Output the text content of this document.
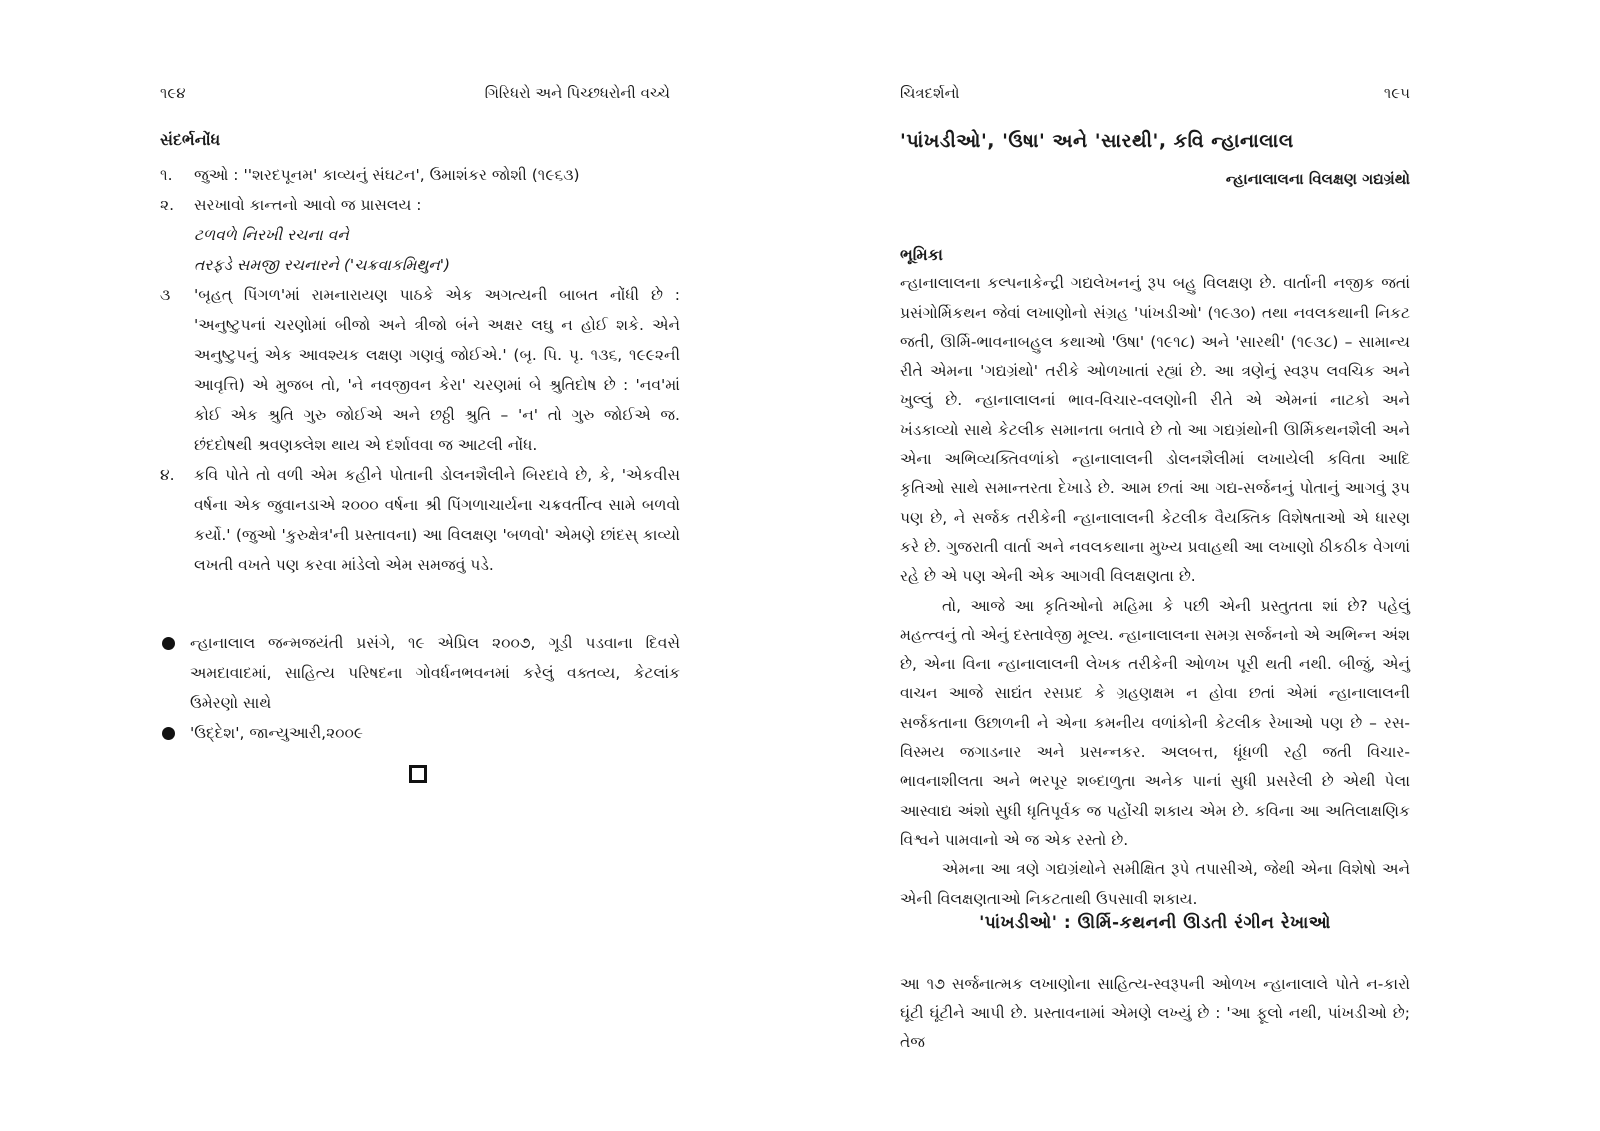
૧૯૪	ગિરિધરો અને પિચ્છધરોની વચ્ચે
સંદર્ભનોંધ
૧.	જુઓ : ''શરદપૂનમ' કાવ્યનું સંઘટન', ઉમાશંકર જોશી (૧૯૬૩)
૨.	સરખાવો કાન્તનો આવો જ પ્રાસલય :
ટળવળે નિરખી રચના વને
તરફડે સમજી રચનારને ('ચક્રવાકમિથુન')
૩	'બૃહત્ પિંગળ'માં રામનારાયણ પાઠકે એક અગત્યની બાબત નોંધી છે : 'અનુષ્ટુપનાં ચરણોમાં બીજો અને ત્રીજો બંને અક્ષર લઘુ ન હોઈ શકે. એને અનુષ્ટુપનું એક આવશ્યક લક્ષણ ગણવું જોઈએ.' (બૃ. પિ. પૃ. ૧૩૬, ૧૯૯૨ની આવૃત્તિ) એ મુજબ તો, 'ને નવજીવન કેરા' ચરણમાં બે શ્રુતિદોષ છે : 'નવ'માં કોઈ એક શ્રુતિ ગુરુ જોઈએ અને છઠ્ઠી શ્રુતિ – 'ન' તો ગુરુ જોઈએ જ. છંદદોષથી શ્રવણક્લેશ થાય એ દર્શાવવા જ આટલી નોંધ.
૪.	કવિ પોતે તો વળી એમ કહીને પોતાની ડોલનશૈલીને બિરદાવે છે, કે, 'એકવીસ વર્ષના એક જુવાનડાએ ૨૦૦૦ વર્ષના શ્રી પિંગળાચાર્યના ચક્રવર્તીત્વ સામે બળવો કર્યો.' (જુઓ 'કુરુક્ષેત્ર'ની પ્રસ્તાવના) આ વિલક્ષણ 'બળવો' એમણે છાંદસ્ કાવ્યો લખતી વખતે પણ કરવા માંડેલો એમ સમજવું પડે.
ન્હાનાલાલ જન્મજયંતી પ્રસંગે, ૧૯ એપ્રિલ ૨૦૦૭, ગૂડી પડવાના દિવસે અમદાવાદમાં, સાહિત્ય પરિષદના ગોવર્ધનભવનમાં કરેલું વક્તવ્ય, કેટલાંક ઉમેરણો સાથે
'ઉદ્દેશ', જાન્યુઆરી,૨૦૦૯
ચિત્રદર્શનો	૧૯૫
'પાંખડીઓ', 'ઉષા' અને 'સારથી', કવિ ન્હાનાલાલ
ન્હાનાલાલના વિલક્ષણ ગદ્યગ્રંથો
ભૂમિકા

ન્હાનાલાલના કલ્પનાકેન્દ્રી ગદ્યલેખનનું રૂપ બહુ વિલક્ષણ છે. વાર્તાની નજીક જતાં પ્રસંગોર્મિકથન જેવાં લખાણોનો સંગ્રહ 'પાંખડીઓ' (૧૯૩૦) તથા નવલકથાની નિકટ જતી, ઊર્મિ-ભાવનાબહુલ કથાઓ 'ઉષા' (૧૯૧૮) અને 'સારથી' (૧૯૩૮) – સામાન્ય રીતે એમના 'ગદ્યગ્રંથો' તરીકે ઓળખાતાં રહ્યાં છે. આ ત્રણેનું સ્વરૂપ લવચિક અને ખુલ્લું છે. ન્હાનાલાલનાં ભાવ-વિચાર-વલણોની રીતે એ એમનાં નાટકો અને ખંડકાવ્યો સાથે કેટલીક સમાનતા બતાવે છે તો આ ગદ્યગ્રંથોની ઊર્મિકથનશૈલી અને એના અભિવ્યક્તિવળાંકો ન્હાનાલાલની ડોલનશૈલીમાં લખાયેલી કવિતા આદિ કૃતિઓ સાથે સમાન્તરતા દેખાડે છે. આમ છતાં આ ગદ્ય-સર્જનનું પોતાનું આગવું રૂપ પણ છે, ને સર્જક તરીકેની ન્હાનાલાલની કેટલીક વૈયક્તિક વિશેષતાઓ એ ધારણ કરે છે. ગુજરાતી વાર્તા અને નવલકથાના મુખ્ય પ્રવાહથી આ લખાણો ઠીકઠીક વેગળાં રહે છે એ પણ એની એક આગવી વિલક્ષણતા છે.

તો, આજે આ કૃતિઓનો મહિમા કે પછી એની પ્રસ્તુતતા શાં છે? પહેલું મહત્ત્વનું તો એનું દસ્તાવેજી મૂલ્ય. ન્હાનાલાલના સમગ્ર સર્જનનો એ અભિન્ન અંશ છે, એના વિના ન્હાનાલાલની લેખક તરીકેની ઓળખ પૂરી થતી નથી. બીજું, એનું વાચન આજે સાદ્યંત રસપ્રદ કે ગ્રહણક્ષમ ન હોવા છતાં એમાં ન્હાનાલાલની સર્જકતાના ઉછાળની ને એના કમનીય વળાંકોની કેટલીક રેખાઓ પણ છે – રસ-વિસ્મય જગાડનાર અને પ્રસન્નકર. અલબત્ત, ધૂંધળી રહી જતી વિચાર-ભાવનાશીલતા અને ભરપૂર શબ્દાળુતા અનેક પાનાં સુધી પ્રસરેલી છે એથી પેલા આસ્વાદ્ય અંશો સુધી ધૃતિપૂર્વક જ પહોંચી શકાય એમ છે. કવિના આ અતિલાક્ષણિક વિશ્વને પામવાનો એ જ એક રસ્તો છે.

એમના આ ત્રણે ગદ્યગ્રંથોને સમીક્ષિત રૂપે તપાસીએ, જેથી એના વિશેષો અને એની વિલક્ષણતાઓ નિકટતાથી ઉપસાવી શકાય.

'પાંખડીઓ' : ઊર્મિ-કથનની ઊડતી રંગીન રેખાઓ

આ ૧૭ સર્જનાત્મક લખાણોના સાહિત્ય-સ્વરૂપની ઓળખ ન્હાનાલાલે પોતે ન-કારો ઘૂંટી ઘૂંટીને આપી છે. પ્રસ્તાવનામાં એમણે લખ્યું છે : 'આ ફૂલો નથી, પાંખડીઓ છે; તેજ
